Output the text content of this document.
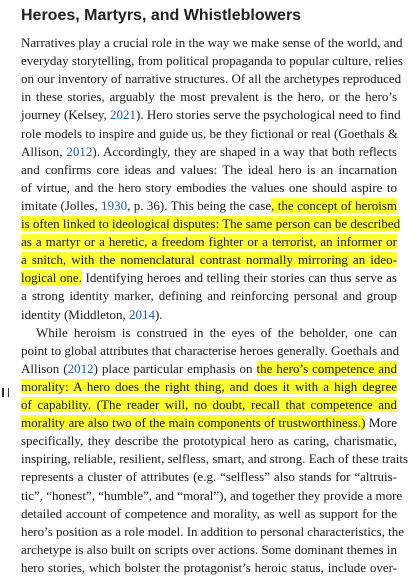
Heroes, Martyrs, and Whistleblowers
Narratives play a crucial role in the way we make sense of the world, and
everyday storytelling, from political propaganda to popular culture, relies
on our inventory of narrative structures. Of all the archetypes reproduced
in these stories, arguably the most prevalent is the hero, or the hero’s
journey (Kelsey, 2021). Hero stories serve the psychological need to find
role models to inspire and guide us, be they fictional or real (Goethals &
Allison, 2012). Accordingly, they are shaped in a way that both reflects
and confirms core ideas and values: The ideal hero is an incarnation
of virtue, and the hero story embodies the values one should aspire to
imitate (Jolles, 1930, p. 36). This being the case, the concept of heroism
is often linked to ideological disputes: The same person can be described
as a martyr or a heretic, a freedom fighter or a terrorist, an informer or
a snitch, with the nomenclatural contrast normally mirroring an ideo-
logical one. Identifying heroes and telling their stories can thus serve as
a strong identity marker, defining and reinforcing personal and group
identity (Middleton, 2014).
While heroism is construed in the eyes of the beholder, one can
point to global attributes that characterise heroes generally. Goethals and
Allison (2012) place particular emphasis on the hero’s competence and
morality: A hero does the right thing, and does it with a high degree
of capability. (The reader will, no doubt, recall that competence and
morality are also two of the main components of trustworthiness.) More
specifically, they describe the prototypical hero as caring, charismatic,
inspiring, reliable, resilient, selfless, smart, and strong. Each of these traits
represents a cluster of attributes (e.g. “selfless” also stands for “altruis-
tic”, “honest”, “humble”, and “moral”), and together they provide a more
detailed account of competence and morality, as well as support for the
hero’s position as a role model. In addition to personal characteristics, the
archetype is also built on scripts over actions. Some dominant themes in
hero stories, which bolster the protagonist’s heroic status, include over-
